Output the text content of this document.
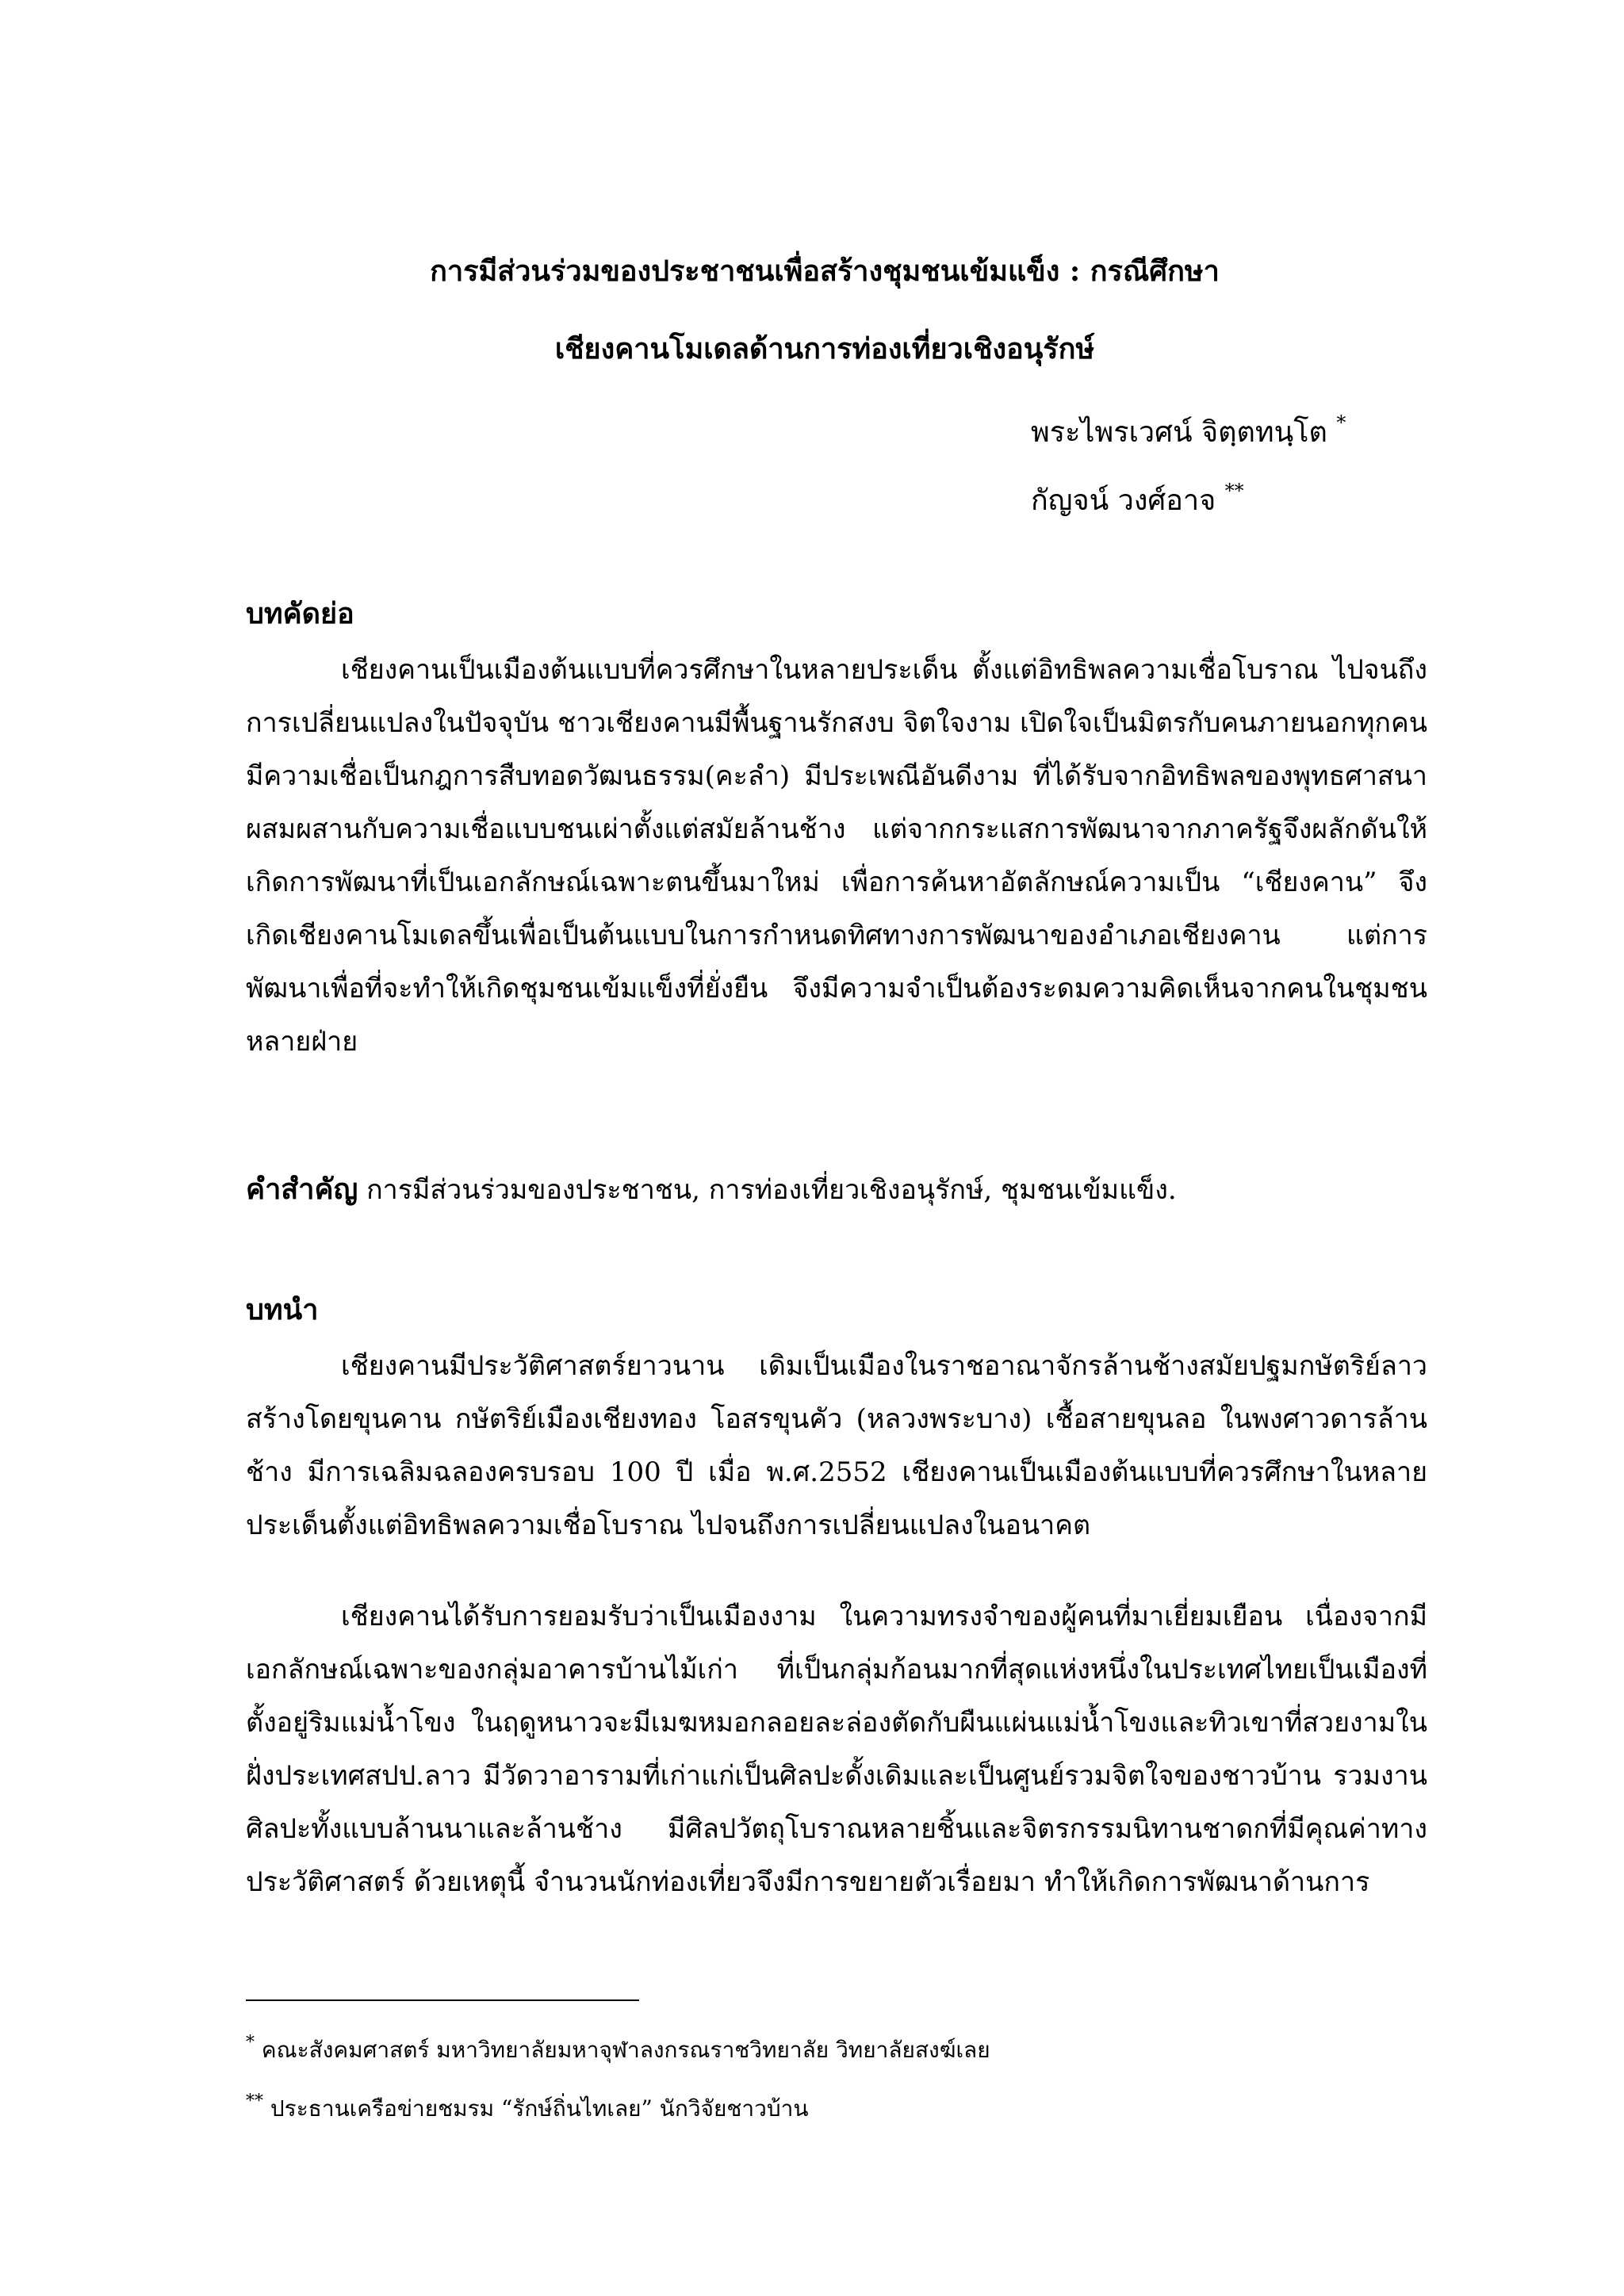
การมีส่วนร่วมของประชาชนเพื่อสร้างชุมชนเข้มแข็ง : กรณีศึกษา
เชียงคานโมเดลด้านการท่องเที่ยวเชิงอนุรักษ์
พระไพรเวศน์ จิตฺตทนฺโต *
กัญจน์ วงศ์อาจ **
บทคัดย่อ

เชียงคานเป็นเมืองต้นแบบที่ควรศึกษาในหลายประเด็น ตั้งแต่อิทธิพลความเชื่อโบราณ ไปจนถึงการเปลี่ยนแปลงในปัจจุบัน ชาวเชียงคานมีพื้นฐานรักสงบ จิตใจงาม เปิดใจเป็นมิตรกับคนภายนอกทุกคน มีความเชื่อเป็นกฎการสืบทอดวัฒนธรรม(คะลำ) มีประเพณีอันดีงาม ที่ได้รับจากอิทธิพลของพุทธศาสนาผสมผสานกับความเชื่อแบบชนเผ่าตั้งแต่สมัยล้านช้าง แต่จากกระแสการพัฒนาจากภาครัฐจึงผลักดันให้เกิดการพัฒนาที่เป็นเอกลักษณ์เฉพาะตนขึ้นมาใหม่ เพื่อการค้นหาอัตลักษณ์ความเป็น “เชียงคาน” จึงเกิดเชียงคานโมเดลขึ้นเพื่อเป็นต้นแบบในการกำหนดทิศทางการพัฒนาของอำเภอเชียงคาน แต่การพัฒนาเพื่อที่จะทำให้เกิดชุมชนเข้มแข็งที่ยั่งยืน จึงมีความจำเป็นต้องระดมความคิดเห็นจากคนในชุมชนหลายฝ่าย

คำสำคัญ การมีส่วนร่วมของประชาชน, การท่องเที่ยวเชิงอนุรักษ์, ชุมชนเข้มแข็ง.
บทนำ

เชียงคานมีประวัติศาสตร์ยาวนาน เดิมเป็นเมืองในราชอาณาจักรล้านช้างสมัยปฐมกษัตริย์ลาว สร้างโดยขุนคาน กษัตริย์เมืองเชียงทอง โอสรขุนคัว (หลวงพระบาง) เชื้อสายขุนลอ ในพงศาวดารล้านช้าง มีการเฉลิมฉลองครบรอบ 100 ปี เมื่อ พ.ศ.2552 เชียงคานเป็นเมืองต้นแบบที่ควรศึกษาในหลายประเด็นตั้งแต่อิทธิพลความเชื่อโบราณ ไปจนถึงการเปลี่ยนแปลงในอนาคต

เชียงคานได้รับการยอมรับว่าเป็นเมืองงาม ในความทรงจำของผู้คนที่มาเยี่ยมเยือน เนื่องจากมีเอกลักษณ์เฉพาะของกลุ่มอาคารบ้านไม้เก่า ที่เป็นกลุ่มก้อนมากที่สุดแห่งหนึ่งในประเทศไทยเป็นเมืองที่ตั้งอยู่ริมแม่น้ำโขง ในฤดูหนาวจะมีเมฆหมอกลอยละล่องตัดกับผืนแผ่นแม่น้ำโขงและทิวเขาที่สวยงามในฝั่งประเทศสปป.ลาว มีวัดวาอารามที่เก่าแก่เป็นศิลปะดั้งเดิมและเป็นศูนย์รวมจิตใจของชาวบ้าน รวมงานศิลปะทั้งแบบล้านนาและล้านช้าง มีศิลปวัตถุโบราณหลายชิ้นและจิตรกรรมนิทานชาดกที่มีคุณค่าทางประวัติศาสตร์ ด้วยเหตุนี้ จำนวนนักท่องเที่ยวจึงมีการขยายตัวเรื่อยมา ทำให้เกิดการพัฒนาด้านการ

* คณะสังคมศาสตร์ มหาวิทยาลัยมหาจุฬาลงกรณราชวิทยาลัย วิทยาลัยสงฆ์เลย
** ประธานเครือข่ายชมรม “รักษ์ถิ่นไทเลย” นักวิจัยชาวบ้าน
